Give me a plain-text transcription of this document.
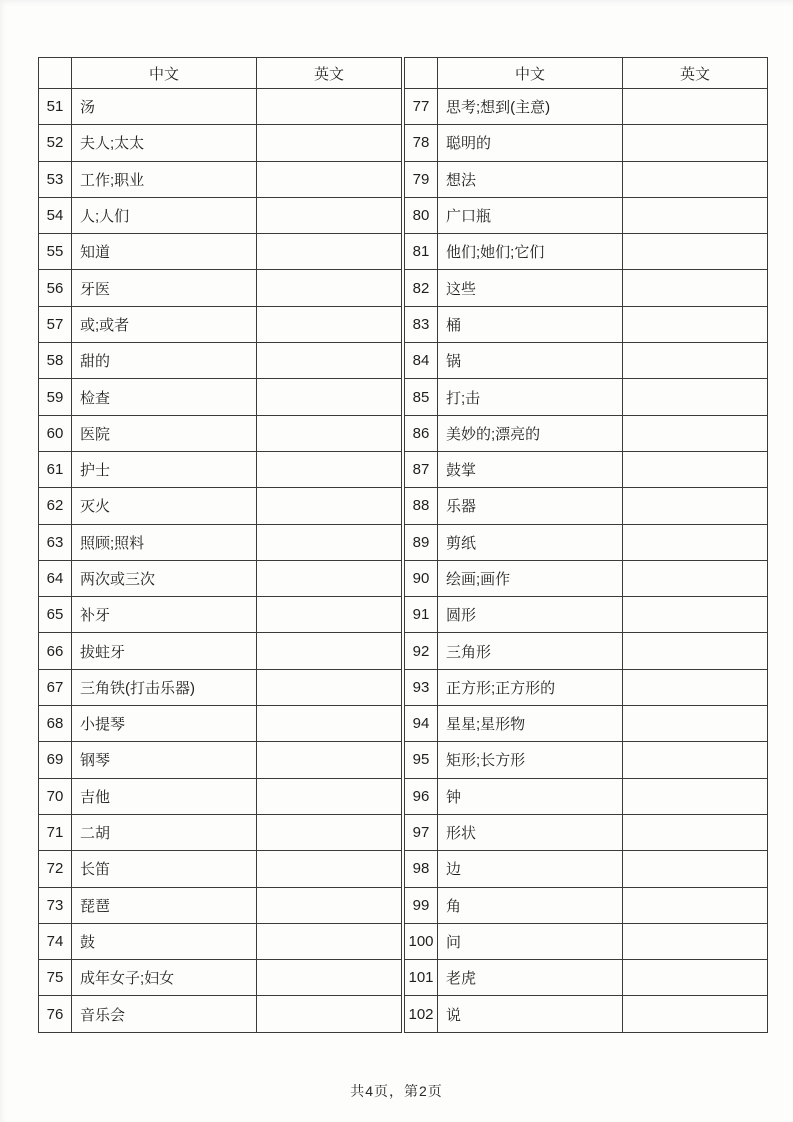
	中文	英文
51	汤	
52	夫人;太太	
53	工作;职业	
54	人;人们	
55	知道	
56	牙医	
57	或;或者	
58	甜的	
59	检查	
60	医院	
61	护士	
62	灭火	
63	照顾;照料	
64	两次或三次	
65	补牙	
66	拔蛀牙	
67	三角铁(打击乐器)	
68	小提琴	
69	钢琴	
70	吉他	
71	二胡	
72	长笛	
73	琵琶	
74	鼓	
75	成年女子;妇女	
76	音乐会	
	中文	英文
77	思考;想到(主意)	
78	聪明的	
79	想法	
80	广口瓶	
81	他们;她们;它们	
82	这些	
83	桶	
84	锅	
85	打;击	
86	美妙的;漂亮的	
87	鼓掌	
88	乐器	
89	剪纸	
90	绘画;画作	
91	圆形	
92	三角形	
93	正方形;正方形的	
94	星星;星形物	
95	矩形;长方形	
96	钟	
97	形状	
98	边	
99	角	
100	问	
101	老虎	
102	说	
共4页，第2页
